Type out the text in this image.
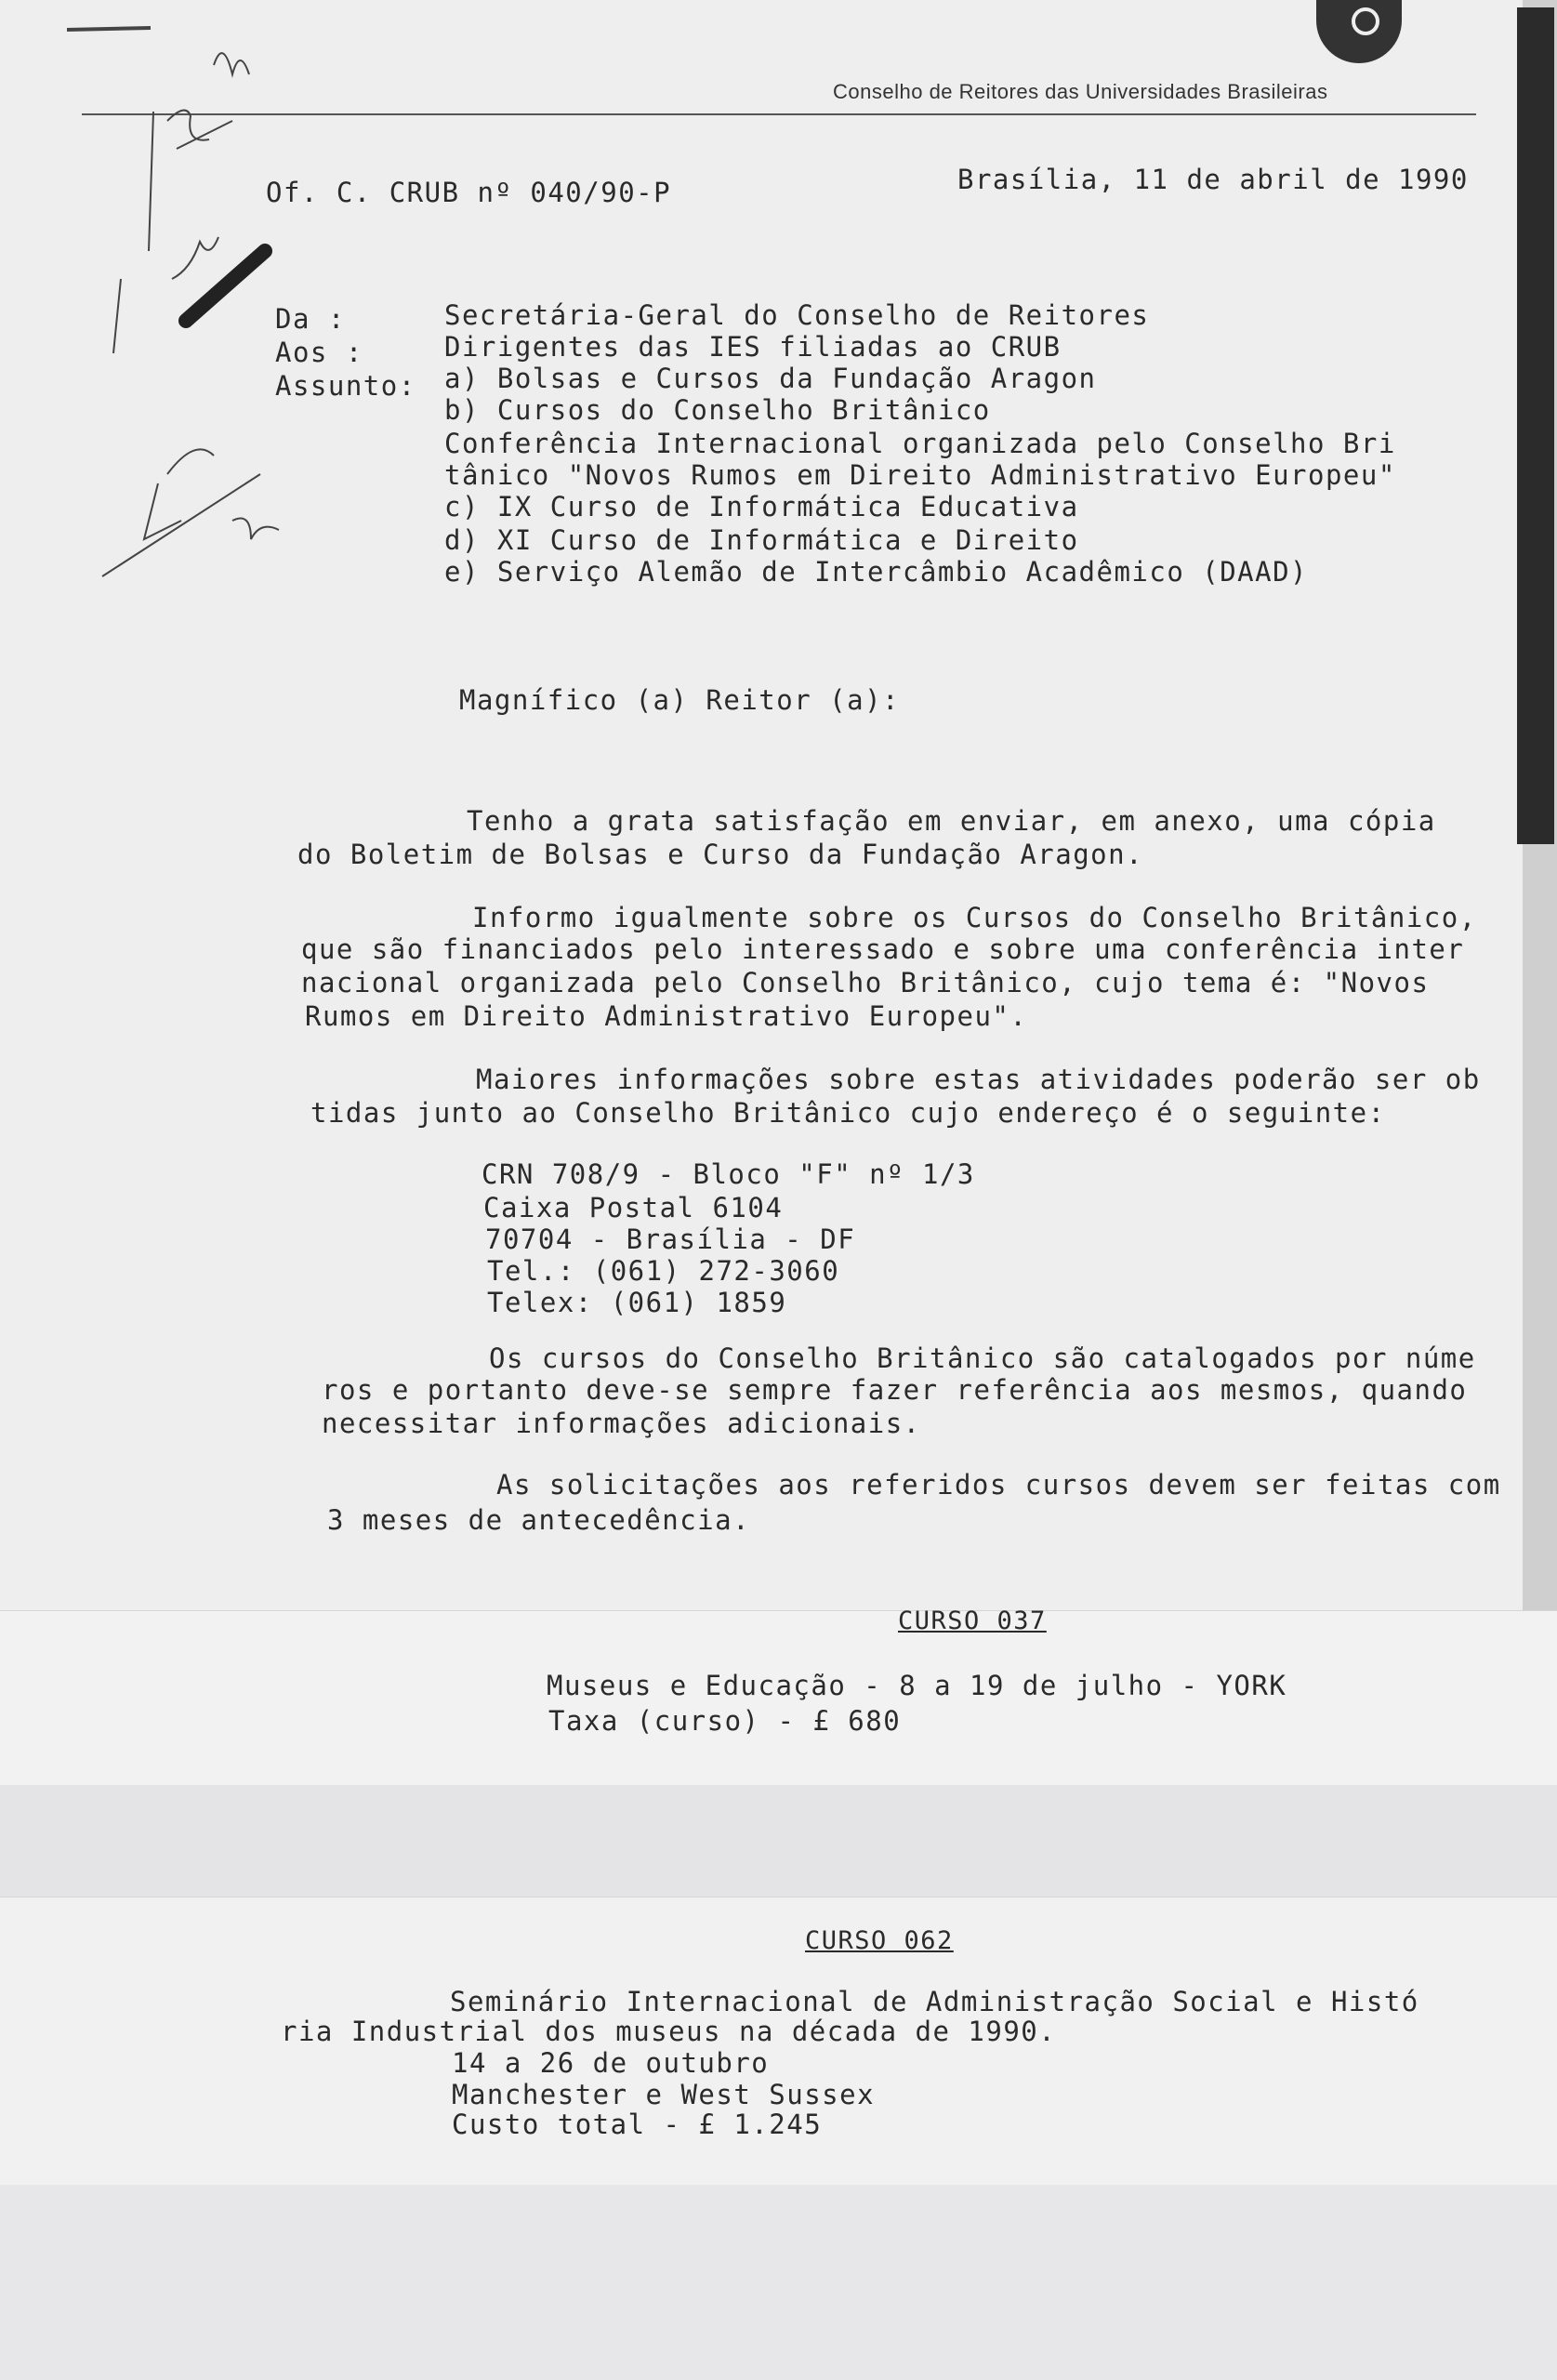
Conselho de Reitores das Universidades Brasileiras
Of. C. CRUB nº 040/90-P	Brasília, 11 de abril de 1990
Da :	Secretária-Geral do Conselho de Reitores
Aos :	Dirigentes das IES filiadas ao CRUB
Assunto: a) Bolsas e Cursos da Fundação Aragon
b) Cursos do Conselho Britânico
Conferência Internacional organizada pelo Conselho Bri
tânico "Novos Rumos em Direito Administrativo Europeu"
c) IX Curso de Informática Educativa
d) XI Curso de Informática e Direito
e) Serviço Alemão de Intercâmbio Acadêmico (DAAD)
Magnífico (a) Reitor (a):
Tenho a grata satisfação em enviar, em anexo, uma cópia
do Boletim de Bolsas e Curso da Fundação Aragon.
Informo igualmente sobre os Cursos do Conselho Britânico,
que são financiados pelo interessado e sobre uma conferência inter
nacional organizada pelo Conselho Britânico, cujo tema é: "Novos
Rumos em Direito Administrativo Europeu".
Maiores informações sobre estas atividades poderão ser ob
tidas junto ao Conselho Britânico cujo endereço é o seguinte:
CRN 708/9 - Bloco "F" nº 1/3
Caixa Postal 6104
70704 - Brasília - DF
Tel.: (061) 272-3060
Telex: (061) 1859
Os cursos do Conselho Britânico são catalogados por núme
ros e portanto deve-se sempre fazer referência aos mesmos, quando
necessitar informações adicionais.
As solicitações aos referidos cursos devem ser feitas com
3 meses de antecedência.
CURSO 037
Museus e Educação - 8 a 19 de julho - YORK
Taxa (curso) - £ 680
CURSO 062
Seminário Internacional de Administração Social e Histó
ria Industrial dos museus na década de 1990.
14 a 26 de outubro
Manchester e West Sussex
Custo total - £ 1.245
